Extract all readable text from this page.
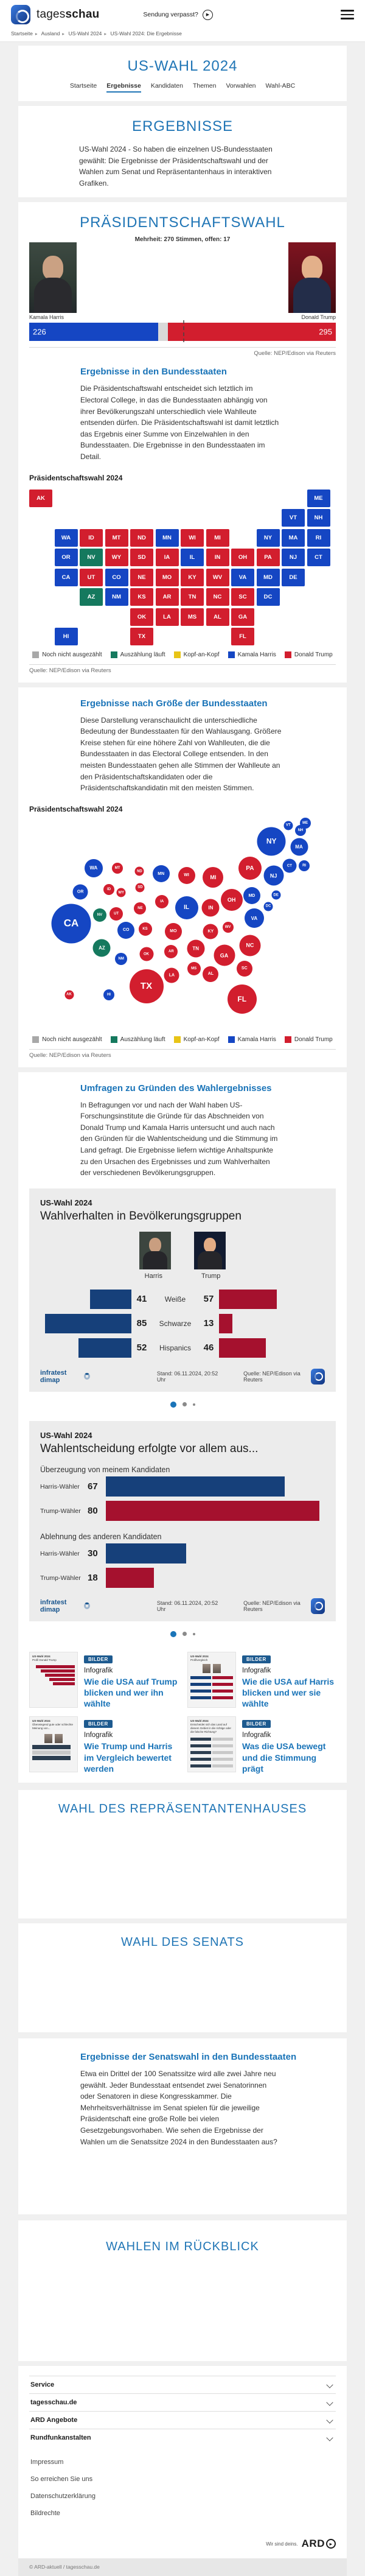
tagesschau	Sendung verpasst?	▶
Startseite ▸ Ausland ▸ US-Wahl 2024 ▸ US-Wahl 2024: Die Ergebnisse
US-WAHL 2024
Startseite Ergebnisse Kandidaten Themen Vorwahlen Wahl-ABC
ERGEBNISSE

US-Wahl 2024 - So haben die einzelnen US-Bundesstaaten gewählt: Die Ergebnisse der Präsidentschaftswahl und der Wahlen zum Senat und Repräsentantenhaus in interaktiven Grafiken.

PRÄSIDENTSCHAFTSWAHL
Mehrheit: 270 Stimmen, offen: 17
Kamala Harris	Donald Trump
226	295
Quelle: NEP/Edison via Reuters
Ergebnisse in den Bundesstaaten

Die Präsidentschaftswahl entscheidet sich letztlich im Electoral College, in das die Bundesstaaten abhängig von ihrer Bevölkerungszahl unterschiedlich viele Wahlleute entsenden dürfen. Die Präsidentschaftswahl ist damit letztlich das Ergebnis einer Summe von Einzelwahlen in den Bundesstaaten. Die Ergebnisse in den Bundesstaaten im Detail.

Präsidentschaftswahl 2024
AK	ME
VT	NH
WA	ID	MT	ND	MN	WI	MI	NY	MA	RI
OR	NV	WY	SD	IA	IL	IN	OH	PA	NJ	CT
CA	UT	CO	NE	MO	KY	WV	VA	MD	DE
AZ	NM	KS	AR	TN	NC	SC	DC
OK	LA	MS	AL	GA
HI	TX	FL
Noch nicht ausgezählt	Auszählung läuft	Kopf-an-Kopf	Kamala Harris	Donald Trump
Quelle: NEP/Edison via Reuters
Ergebnisse nach Größe der Bundesstaaten

Diese Darstellung veranschaulicht die unterschiedliche Bedeutung der Bundesstaaten für den Wahlausgang. Größere Kreise stehen für eine höhere Zahl von Wahlleuten, die die Bundesstaaten in das Electoral College entsenden. In den meisten Bundesstaaten gehen alle Stimmen der Wahlleute an den Präsidentschaftskandidaten oder die Präsidentschaftskandidatin mit den meisten Stimmen.

Präsidentschaftswahl 2024
AK
ME
VT
NH
WA
ID
MT
ND
MN	WI	MI
NY
MA
RI
OR
NV
WY
SD
IA
IL	IN
OH
PA
NJ
CT
CA
UT
CO
NE
MO	KY
WV
VA
MD	DE
AZ
NM
KS
AR
TN
NC
SC
DC
OK
LA
MS
AL
GA
HI
TX
FL
Noch nicht ausgezählt	Auszählung läuft	Kopf-an-Kopf	Kamala Harris	Donald Trump
Quelle: NEP/Edison via Reuters
Umfragen zu Gründen des Wahlergebnisses

In Befragungen vor und nach der Wahl haben US-Forschungsinstitute die Gründe für das Abschneiden von Donald Trump und Kamala Harris untersucht und auch nach den Gründen für die Wahlentscheidung und die Stimmung im Land gefragt. Die Ergebnisse liefern wichtige Anhaltspunkte zu den Ursachen des Ergebnisses und zum Wahlverhalten der verschiedenen Bevölkerungsgruppen.

US-Wahl 2024
Wahlverhalten in Bevölkerungsgruppen
Harris	Trump
41	Weiße	57
85	Schwarze	13
52	Hispanics	46
infratest dimap
Stand: 06.11.2024, 20:52 Uhr
Quelle: NEP/Edison via Reuters
US-Wahl 2024
Wahlentscheidung erfolgte vor allem aus...
Überzeugung von meinem Kandidaten
Harris-Wähler 67
Trump-Wähler 80
Ablehnung des anderen Kandidaten
Harris-Wähler 30
Trump-Wähler 18
infratest dimap
Stand: 06.11.2024, 20:52 Uhr
Quelle: NEP/Edison via Reuters
US-Wahl 2024
Profil Donald Trump	BILDER
Infografik
Wie die USA auf Trump blicken und wer ihn wählte
US-Wahl 2024
Profilvergleich	BILDER
Infografik
Wie die USA auf Harris blicken und wer sie wählte
US-Wahl 2024
Überwiegend gute oder schlechte Meinung von...
BILDER
Infografik
Wie Trump und Harris im Vergleich bewertet werden
US-Wahl 2024
Entscheidet sich das Land auf diesem Gebiet in die richtige oder die falsche Richtung?
BILDER
Infografik
Was die USA bewegt und die Stimmung prägt
WAHL DES REPRÄSENTANTENHAUSES
WAHL DES SENATS
Ergebnisse der Senatswahl in den Bundesstaaten

Etwa ein Drittel der 100 Senatssitze wird alle zwei Jahre neu gewählt. Jeder Bundesstaat entsendet zwei Senatorinnen oder Senatoren in diese Kongresskammer. Die Mehrheitsverhältnisse im Senat spielen für die jeweilige Präsidentschaft eine große Rolle bei vielen Gesetzgebungsvorhaben. Wie sehen die Ergebnisse der Wahlen um die Senatssitze 2024 in den Bundesstaaten aus?

WAHLEN IM RÜCKBLICK
Service
tagesschau.de
ARD Angebote
Rundfunkanstalten
Impressum
So erreichen Sie uns
Datenschutzerklärung
Bildrechte
Wir sind deins. ARD ▸
© ARD-aktuell / tagesschau.de
